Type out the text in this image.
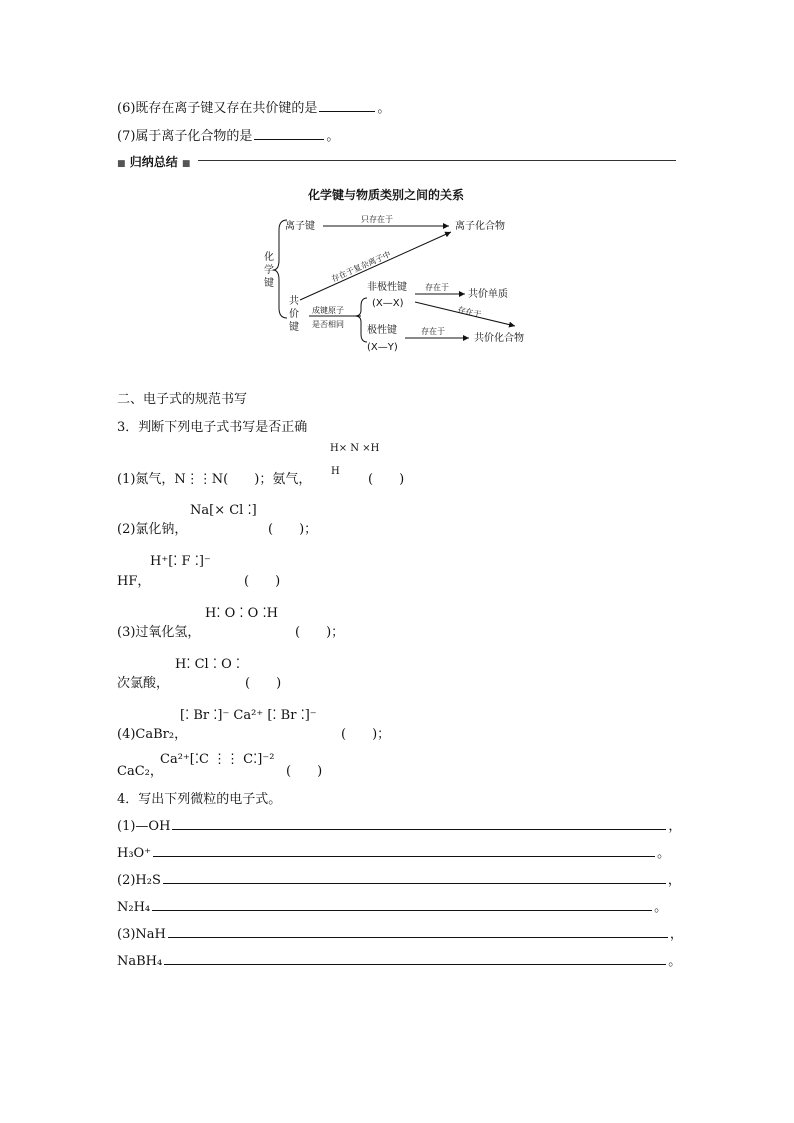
(6)既存在离子键又存在共价键的是	。
(7)属于离子化合物的是	。
■ 归纳总结 ■
化学键与物质类别之间的关系
化
学
键
离子键
只存在于
离子化合物
存在于复杂离子中
共
价
键
成键原子
是否相同
非极性键
(X—X)
存在于
共价单质
存在于
极性键
(X—Y)
存在于
共价化合物
二、电子式的规范书写
3．判断下列电子式书写是否正确
(1)氮气，N⋮⋮N(　　)；氨气，
H⨯ N ⨯H
H
(　　)
Na[⨯ Cl ⁚]
(2)氯化钠，	(　　)；
H⁺[⁚ F ⁚]⁻
HF，	(　　)
H⁚ O ⁚ O ⁚H
(3)过氧化氢，	(　　)；
H⁚ Cl ⁚ O ⁚
次氯酸，	(　　)
[⁚ Br ⁚]⁻ Ca²⁺ [⁚ Br ⁚]⁻
(4)CaBr₂，	(　　)；
CaC₂，
Ca²⁺[⁚C ⋮⋮ C⁚]⁻²
(　　)
4．写出下列微粒的电子式。
(1)—OH	，
H₃O⁺	。
(2)H₂S	，
N₂H₄	。
(3)NaH	，
NaBH₄	。
